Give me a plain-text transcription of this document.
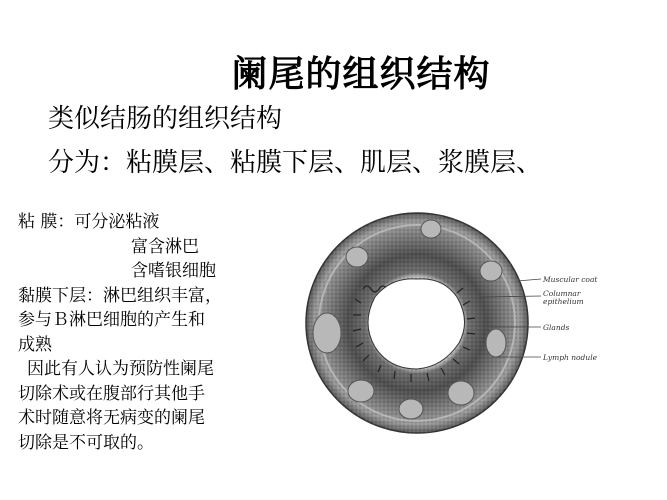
阑尾的组织结构
类似结肠的组织结构
分为：粘膜层、粘膜下层、肌层、浆膜层、
粘 膜：可分泌粘液
富含淋巴
含嗜银细胞
黏膜下层：淋巴组织丰富，
参与Ｂ淋巴细胞的产生和
成熟
因此有人认为预防性阑尾
切除术或在腹部行其他手
术时随意将无病变的阑尾
切除是不可取的。
Muscular coat
Columnar
epithelium
Glands
Lymph nodule
